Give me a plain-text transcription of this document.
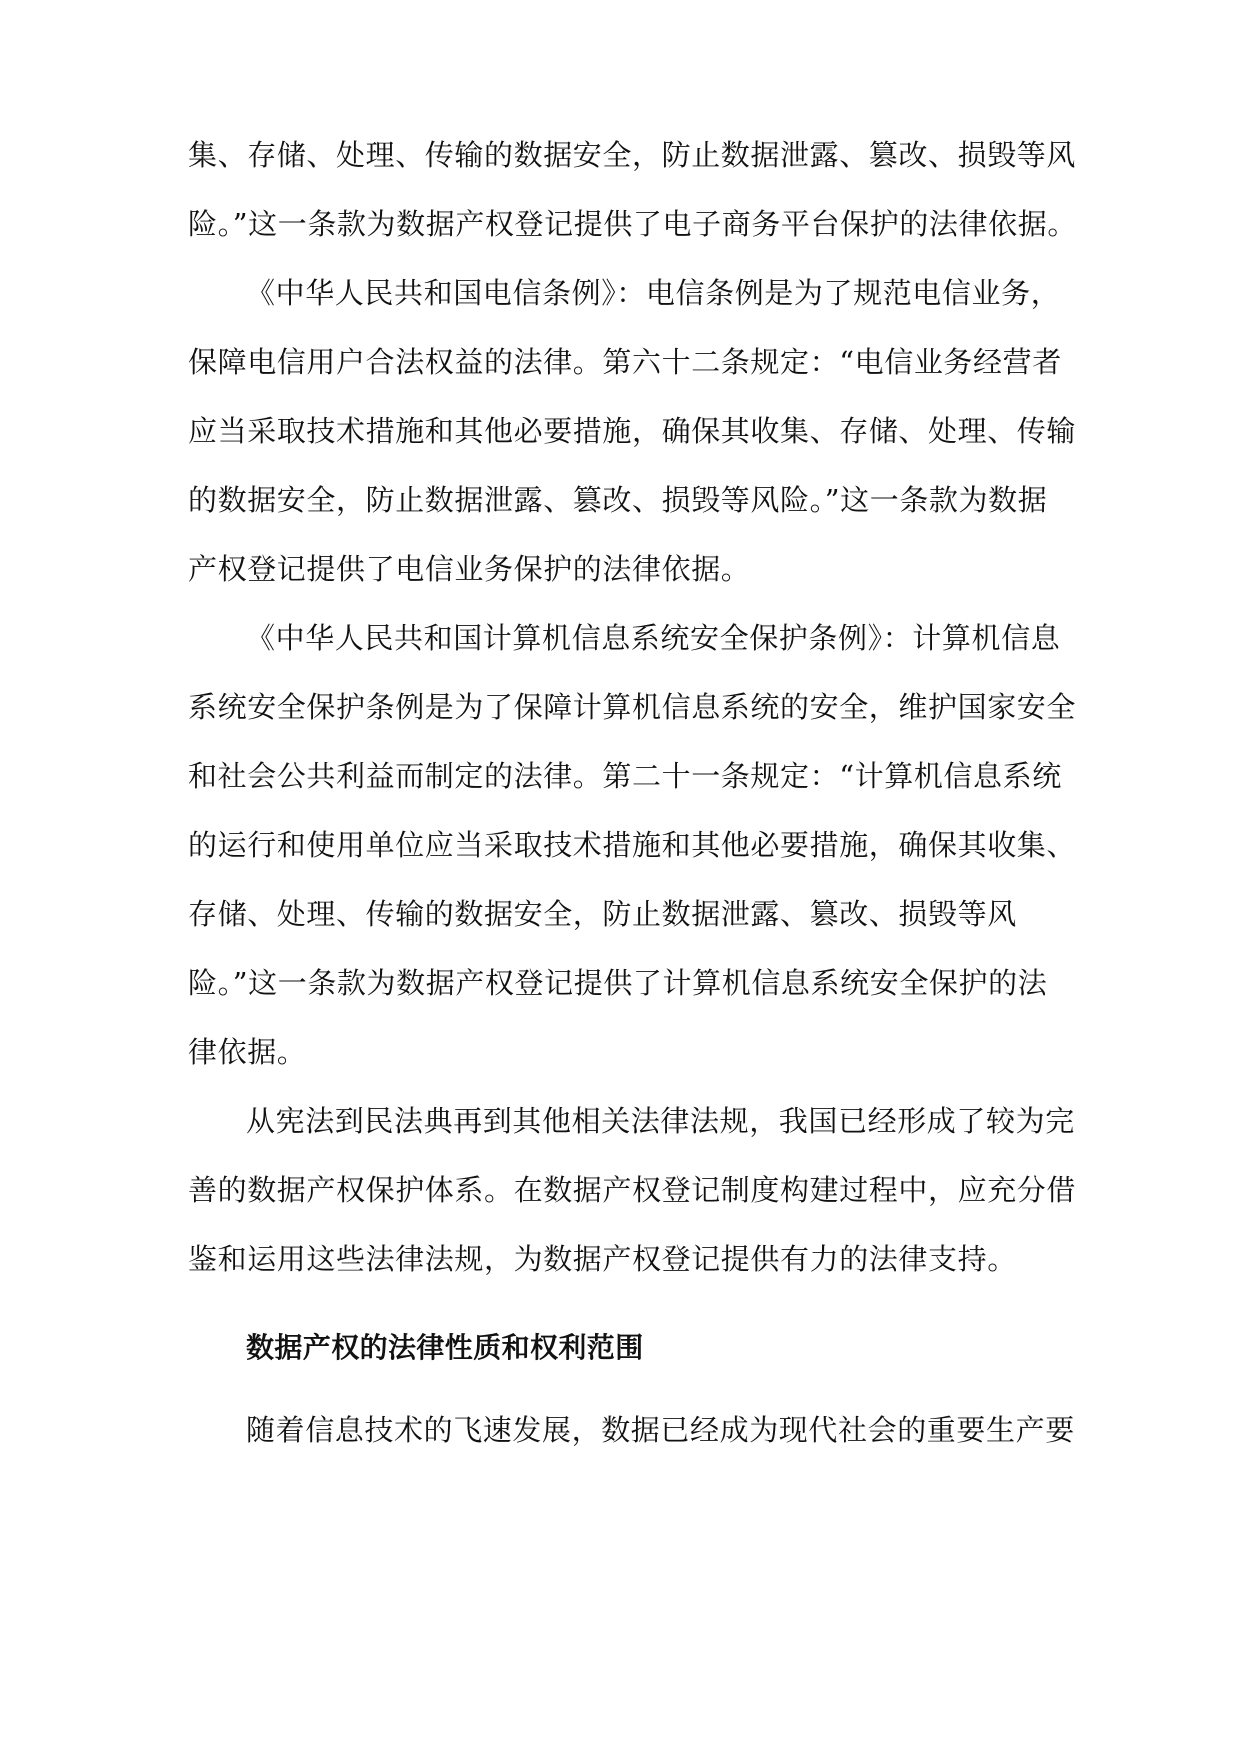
集、存储、处理、传输的数据安全，防止数据泄露、篡改、损毁等风
险。”这一条款为数据产权登记提供了电子商务平台保护的法律依据。
《中华人民共和国电信条例》：电信条例是为了规范电信业务，
保障电信用户合法权益的法律。第六十二条规定：“电信业务经营者
应当采取技术措施和其他必要措施，确保其收集、存储、处理、传输
的数据安全，防止数据泄露、篡改、损毁等风险。”这一条款为数据
产权登记提供了电信业务保护的法律依据。
《中华人民共和国计算机信息系统安全保护条例》：计算机信息
系统安全保护条例是为了保障计算机信息系统的安全，维护国家安全
和社会公共利益而制定的法律。第二十一条规定：“计算机信息系统
的运行和使用单位应当采取技术措施和其他必要措施，确保其收集、
存储、处理、传输的数据安全，防止数据泄露、篡改、损毁等风
险。”这一条款为数据产权登记提供了计算机信息系统安全保护的法
律依据。
从宪法到民法典再到其他相关法律法规，我国已经形成了较为完
善的数据产权保护体系。在数据产权登记制度构建过程中，应充分借
鉴和运用这些法律法规，为数据产权登记提供有力的法律支持。
数据产权的法律性质和权利范围
随着信息技术的飞速发展，数据已经成为现代社会的重要生产要
